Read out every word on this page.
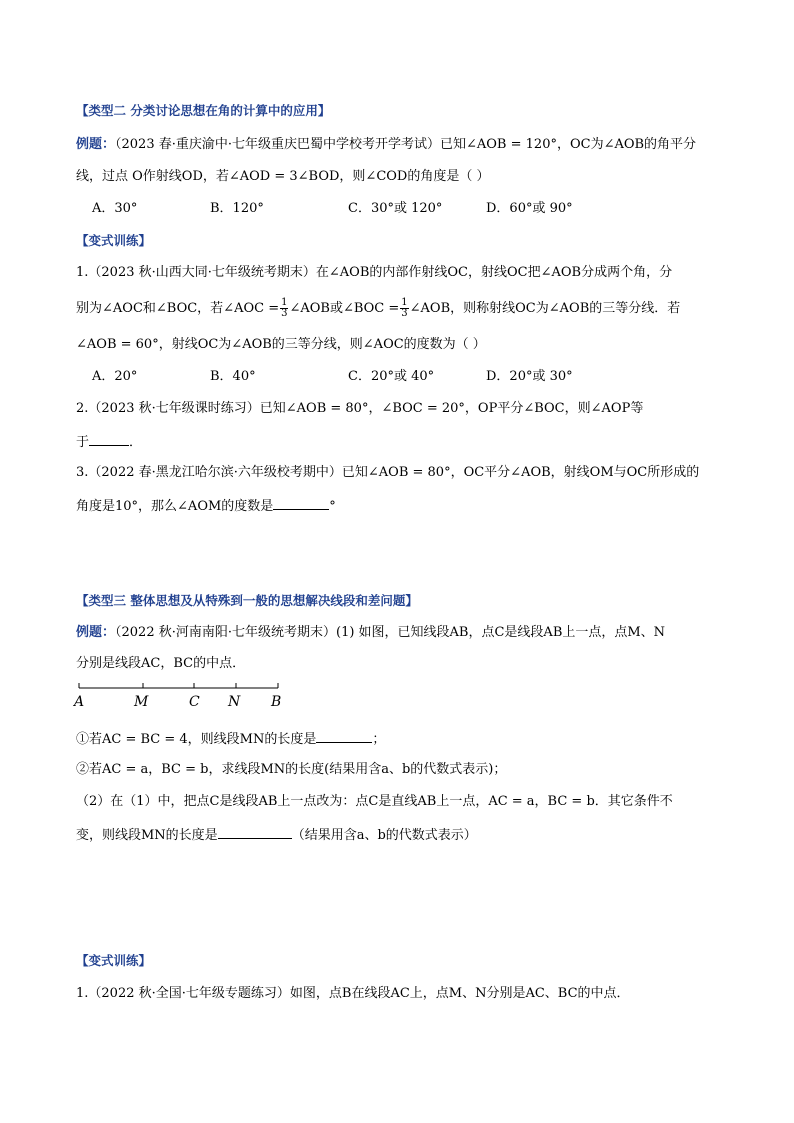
【类型二 分类讨论思想在角的计算中的应用】
例题：（2023 春·重庆渝中·七年级重庆巴蜀中学校考开学考试）已知∠AOB = 120°，OC为∠AOB的角平分
线，过点 O作射线OD，若∠AOD = 3∠BOD，则∠COD的角度是（ ）
A．30°	B．120°	C．30°或 120°	D．60°或 90°
【变式训练】
1.（2023 秋·山西大同·七年级统考期末）在∠AOB的内部作射线OC，射线OC把∠AOB分成两个角，分
别为∠AOC和∠BOC，若∠AOC = $\frac{1}{3}$ ∠AOB或∠BOC = $\frac{1}{3}$ ∠AOB，则称射线OC为∠AOB的三等分线．若
∠AOB = 60°，射线OC为∠AOB的三等分线，则∠AOC的度数为（ ）
A．20°	B．40°	C．20°或 40°	D．20°或 30°
2.（2023 秋·七年级课时练习）已知∠AOB = 80°，∠BOC = 20°，OP平分∠BOC，则∠AOP等
于	．
3.（2022 春·黑龙江哈尔滨·六年级校考期中）已知∠AOB = 80°，OC平分∠AOB，射线OM与OC所形成的
角度是10°，那么∠AOM的度数是	°
【类型三 整体思想及从特殊到一般的思想解决线段和差问题】
例题：（2022 秋·河南南阳·七年级统考期末）(1) 如图，已知线段AB，点C是线段AB上一点，点M、N
分别是线段AC，BC的中点．
A	M	C N B
①若AC = BC = 4，则线段MN的长度是	；
②若AC = a，BC = b，求线段MN的长度(结果用含a、b的代数式表示)；
（2）在（1）中，把点C是线段AB上一点改为：点C是直线AB上一点，AC = a，BC = b．其它条件不
变，则线段MN的长度是	（结果用含a、b的代数式表示）
【变式训练】
1.（2022 秋·全国·七年级专题练习）如图，点B在线段AC上，点M、N分别是AC、BC的中点．
